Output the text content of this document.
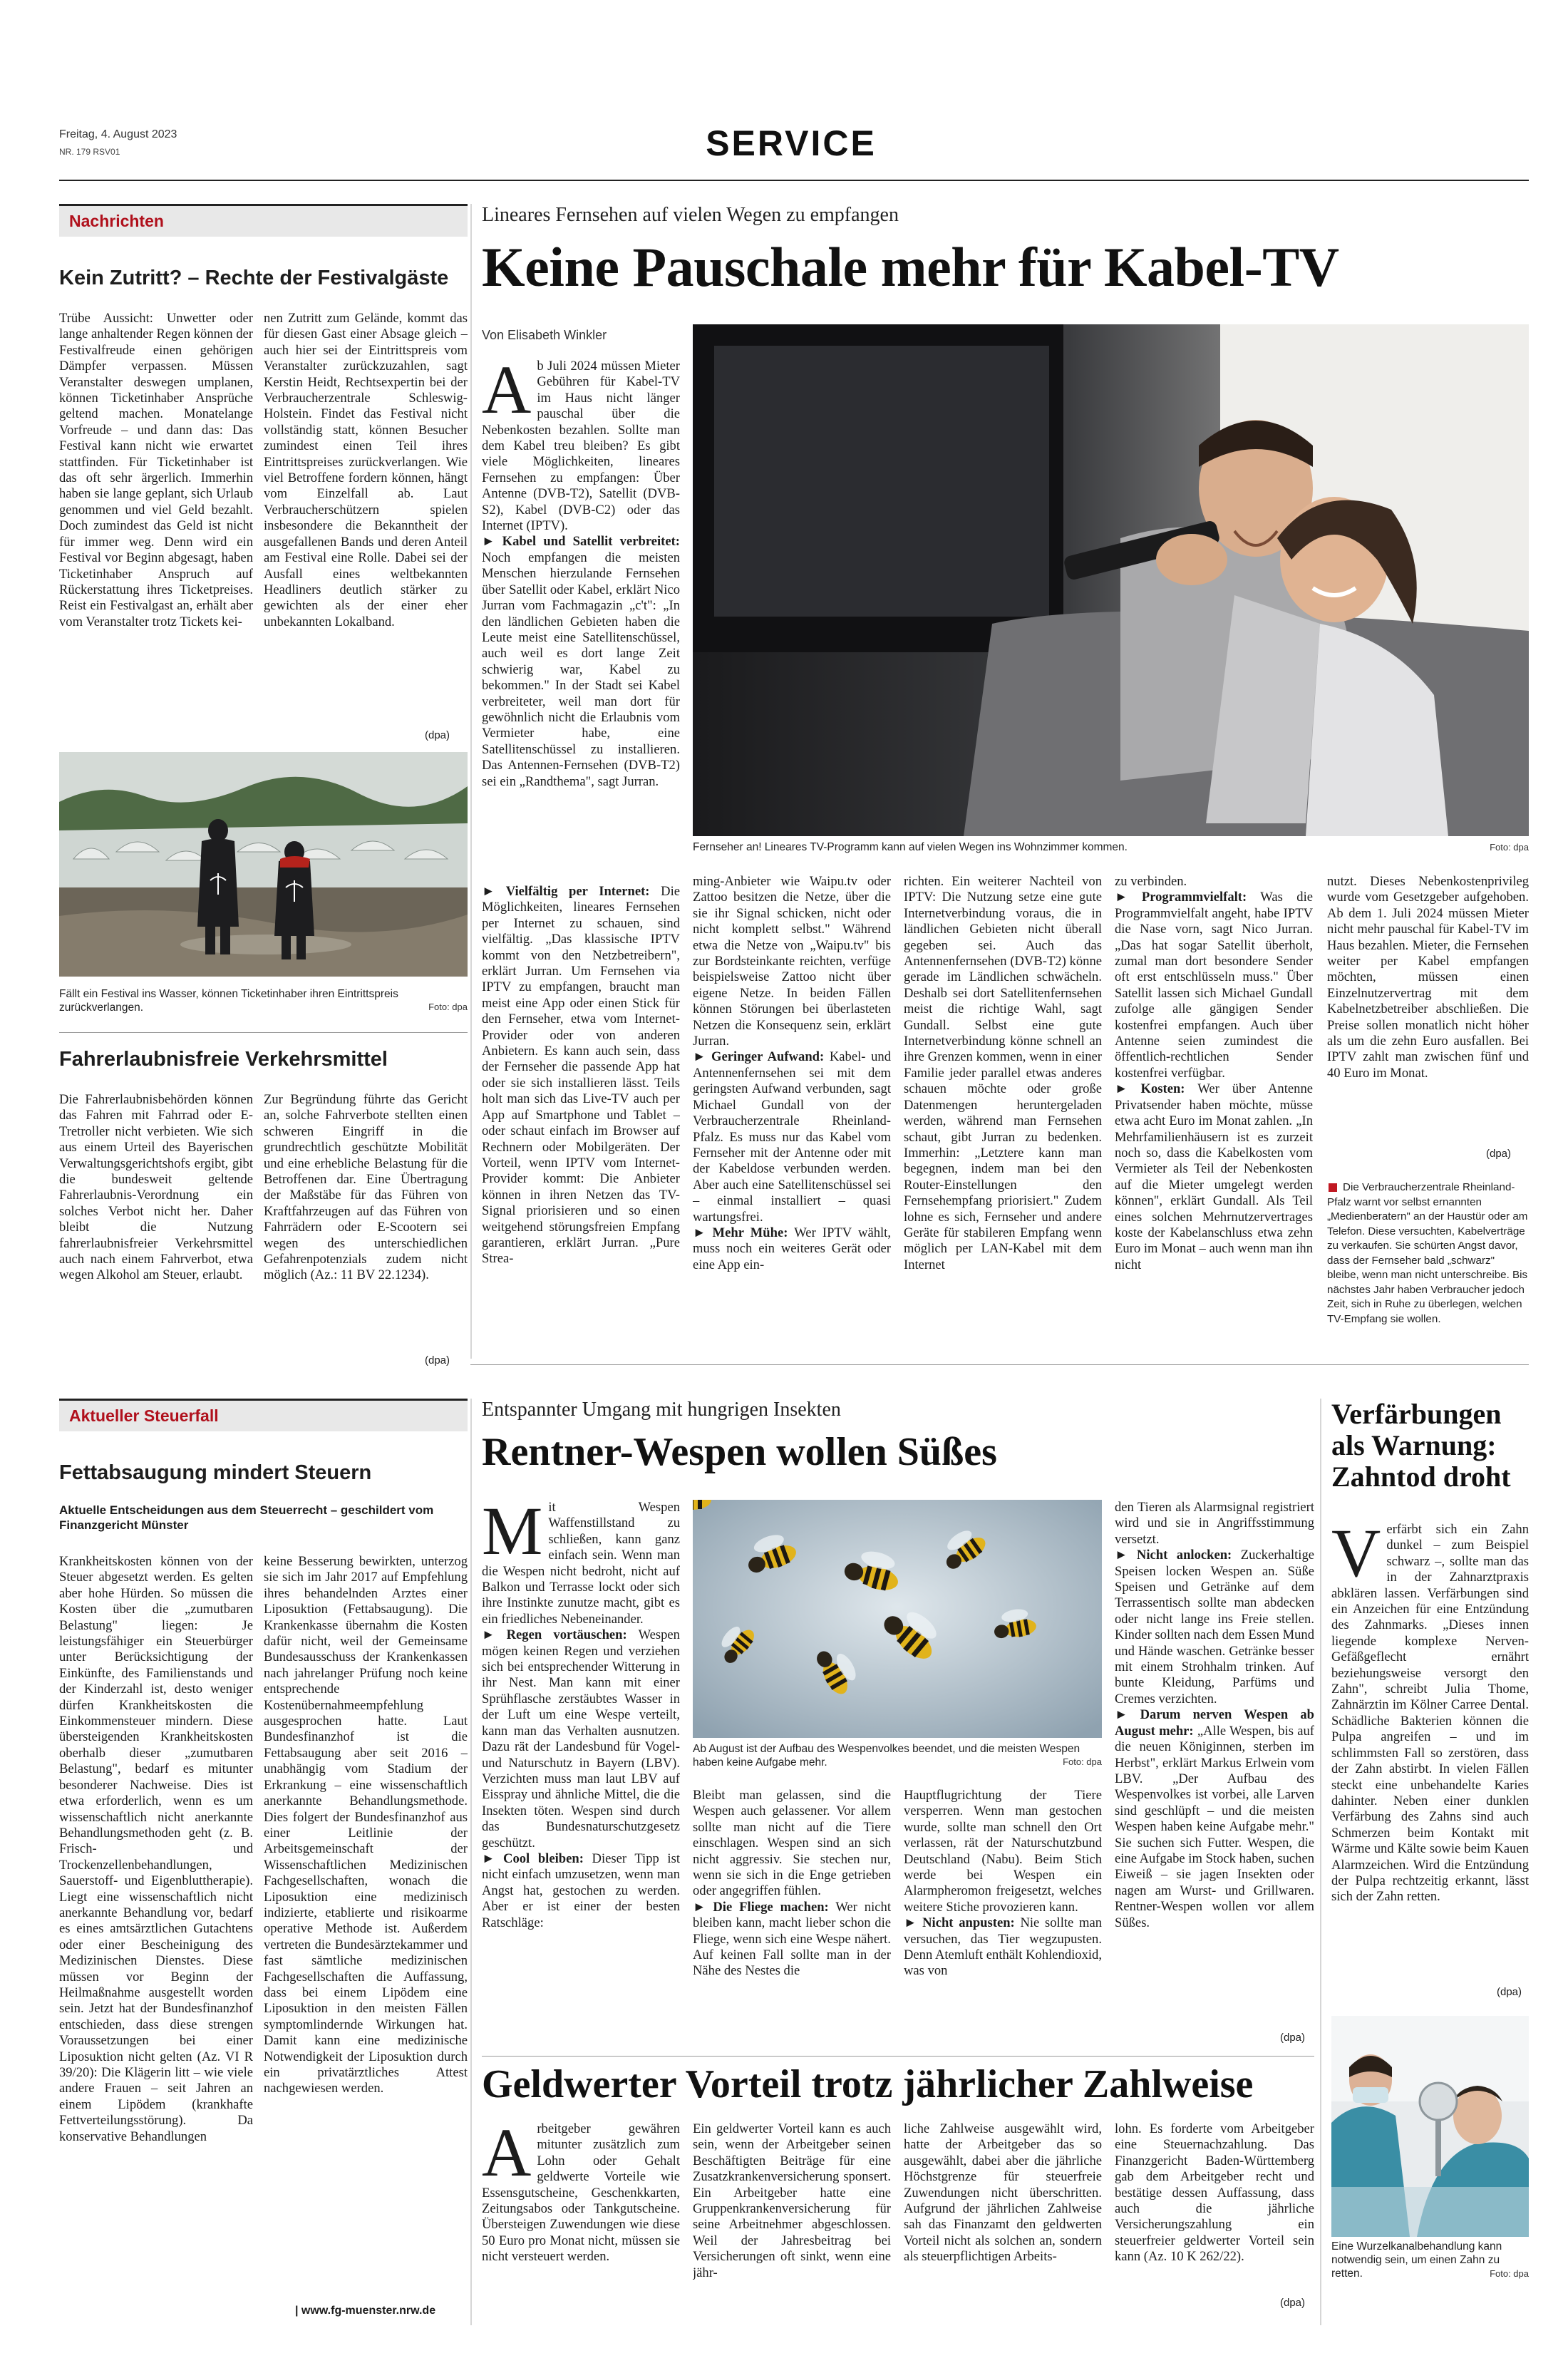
Freitag, 4. August 2023
NR. 179 RSV01	SERVICE
Nachrichten
Kein Zutritt? – Rechte der Festivalgäste
Trübe Aussicht: Unwetter oder lange anhaltender Regen können der Festivalfreude einen gehörigen Dämpfer verpassen. Müssen Veranstalter deswegen umplanen, können Ticketinhaber Ansprüche geltend machen. Monatelange Vorfreude – und dann das: Das Festival kann nicht wie erwartet stattfinden. Für Ticketinhaber ist das oft sehr ärgerlich. Immerhin haben sie lange geplant, sich Urlaub genommen und viel Geld bezahlt. Doch zumindest das Geld ist nicht für immer weg. Denn wird ein Festival vor Beginn abgesagt, haben Ticketinhaber Anspruch auf Rückerstattung ihres Ticketpreises. Reist ein Festivalgast an, erhält aber vom Veranstalter trotz Tickets kei-
nen Zutritt zum Gelände, kommt das für diesen Gast einer Absage gleich – auch hier sei der Eintrittspreis vom Veranstalter zurückzuzahlen, sagt Kerstin Heidt, Rechtsexpertin bei der Verbraucherzentrale Schleswig-Holstein. Findet das Festival nicht vollständig statt, können Besucher zumindest einen Teil ihres Eintrittspreises zurückverlangen. Wie viel Betroffene fordern können, hängt vom Einzelfall ab. Laut Verbraucherschützern spielen insbesondere die Bekanntheit der ausgefallenen Bands und deren Anteil am Festival eine Rolle. Dabei sei der Ausfall eines weltbekannten Headliners deutlich stärker zu gewichten als der einer eher unbekannten Lokalband.
(dpa)
Fällt ein Festival ins Wasser, können Ticketinhaber ihren Eintrittspreis zurückverlangen.	Foto: dpa
Fahrerlaubnisfreie Verkehrsmittel
Die Fahrerlaubnisbehörden können das Fahren mit Fahrrad oder E-Tretroller nicht verbieten. Wie sich aus einem Urteil des Bayerischen Verwaltungsgerichtshofs ergibt, gibt die bundesweit geltende Fahrerlaubnis-Verordnung ein solches Verbot nicht her. Daher bleibt die Nutzung fahrerlaubnisfreier Verkehrsmittel auch nach einem Fahrverbot, etwa wegen Alkohol am Steuer, erlaubt.
Zur Begründung führte das Gericht an, solche Fahrverbote stellten einen schweren Eingriff in die grundrechtlich geschützte Mobilität und eine erhebliche Belastung für die Betroffenen dar. Eine Übertragung der Maßstäbe für das Führen von Kraftfahrzeugen auf das Führen von Fahrrädern oder E-Scootern sei wegen des unterschiedlichen Gefahrenpotenzials zudem nicht möglich (Az.: 11 BV 22.1234).
(dpa)
Lineares Fernsehen auf vielen Wegen zu empfangen
Keine Pauschale mehr für Kabel-TV
Von Elisabeth Winkler
Ab Juli 2024 müssen Mieter Gebühren für Kabel-TV im Haus nicht länger pauschal über die Nebenkosten bezahlen. Sollte man dem Kabel treu bleiben? Es gibt viele Möglichkeiten, lineares Fernsehen zu empfangen: Über Antenne (DVB-T2), Satellit (DVB-S2), Kabel (DVB-C2) oder das Internet (IPTV).
► Kabel und Satellit verbreitet: Noch empfangen die meisten Menschen hierzulande Fernsehen über Satellit oder Kabel, erklärt Nico Jurran vom Fachmagazin „c't": „In den ländlichen Gebieten haben die Leute meist eine Satellitenschüssel, auch weil es dort lange Zeit schwierig war, Kabel zu bekommen." In der Stadt sei Kabel verbreiteter, weil man dort für gewöhnlich nicht die Erlaubnis vom Vermieter habe, eine Satellitenschüssel zu installieren. Das Antennen-Fernsehen (DVB-T2) sei ein „Randthema", sagt Jurran.
Fernseher an! Lineares TV-Programm kann auf vielen Wegen ins Wohnzimmer kommen.	Foto: dpa
► Vielfältig per Internet: Die Möglichkeiten, lineares Fernsehen per Internet zu schauen, sind vielfältig. „Das klassische IPTV kommt von den Netzbetreibern", erklärt Jurran. Um Fernsehen via IPTV zu empfangen, braucht man meist eine App oder einen Stick für den Fernseher, etwa vom Internet-Provider oder von anderen Anbietern. Es kann auch sein, dass der Fernseher die passende App hat oder sie sich installieren lässt. Teils holt man sich das Live-TV auch per App auf Smartphone und Tablet – oder schaut einfach im Browser auf Rechnern oder Mobilgeräten. Der Vorteil, wenn IPTV vom Internet-Provider kommt: Die Anbieter können in ihren Netzen das TV-Signal priorisieren und so einen weitgehend störungsfreien Empfang garantieren, erklärt Jurran. „Pure Strea-
ming-Anbieter wie Waipu.tv oder Zattoo besitzen die Netze, über die sie ihr Signal schicken, nicht oder nicht komplett selbst." Während etwa die Netze von „Waipu.tv" bis zur Bordsteinkante reichten, verfüge beispielsweise Zattoo nicht über eigene Netze. In beiden Fällen können Störungen bei überlasteten Netzen die Konsequenz sein, erklärt Jurran.
► Geringer Aufwand: Kabel- und Antennenfernsehen sei mit dem geringsten Aufwand verbunden, sagt Michael Gundall von der Verbraucherzentrale Rheinland-Pfalz. Es muss nur das Kabel vom Fernseher mit der Antenne oder mit der Kabeldose verbunden werden. Aber auch eine Satellitenschüssel sei – einmal installiert – quasi wartungsfrei.
► Mehr Mühe: Wer IPTV wählt, muss noch ein weiteres Gerät oder eine App ein-
richten. Ein weiterer Nachteil von IPTV: Die Nutzung setze eine gute Internetverbindung voraus, die in ländlichen Gebieten nicht überall gegeben sei. Auch das Antennenfernsehen (DVB-T2) könne gerade im Ländlichen schwächeln. Deshalb sei dort Satellitenfernsehen meist die richtige Wahl, sagt Gundall. Selbst eine gute Internetverbindung könne schnell an ihre Grenzen kommen, wenn in einer Familie jeder parallel etwas anderes schauen möchte oder große Datenmengen heruntergeladen werden, während man Fernsehen schaut, gibt Jurran zu bedenken. Immerhin: „Letztere kann man begegnen, indem man bei den Router-Einstellungen den Fernsehempfang priorisiert." Zudem lohne es sich, Fernseher und andere Geräte für stabileren Empfang wenn möglich per LAN-Kabel mit dem Internet
zu verbinden.
► Programmvielfalt: Was die Programmvielfalt angeht, habe IPTV die Nase vorn, sagt Nico Jurran. „Das hat sogar Satellit überholt, zumal man dort besondere Sender oft erst entschlüsseln muss." Über Satellit lassen sich Michael Gundall zufolge alle gängigen Sender kostenfrei empfangen. Auch über Antenne seien zumindest die öffentlich-rechtlichen Sender kostenfrei verfügbar.
► Kosten: Wer über Antenne Privatsender haben möchte, müsse etwa acht Euro im Monat zahlen. „In Mehrfamilienhäusern ist es zurzeit noch so, dass die Kabelkosten vom Vermieter als Teil der Nebenkosten auf die Mieter umgelegt werden können", erklärt Gundall. Als Teil eines solchen Mehrnutzervertrages koste der Kabelanschluss etwa zehn Euro im Monat – auch wenn man ihn nicht
nutzt. Dieses Nebenkostenprivileg wurde vom Gesetzgeber aufgehoben. Ab dem 1. Juli 2024 müssen Mieter nicht mehr pauschal für Kabel-TV im Haus bezahlen. Mieter, die Fernsehen weiter per Kabel empfangen möchten, müssen einen Einzelnutzervertrag mit dem Kabelnetzbetreiber abschließen. Die Preise sollen monatlich nicht höher als um die zehn Euro ausfallen. Bei IPTV zahlt man zwischen fünf und 40 Euro im Monat.
(dpa)
Die Verbraucherzentrale Rheinland-Pfalz warnt vor selbst ernannten „Medienberatern" an der Haustür oder am Telefon. Diese versuchten, Kabelverträge zu verkaufen. Sie schürten Angst davor, dass der Fernseher bald „schwarz" bleibe, wenn man nicht unterschreibe. Bis nächstes Jahr haben Verbraucher jedoch Zeit, sich in Ruhe zu überlegen, welchen TV-Empfang sie wollen.
Aktueller Steuerfall
Fettabsaugung mindert Steuern
Aktuelle Entscheidungen aus dem Steuerrecht – geschildert vom Finanzgericht Münster
Krankheitskosten können von der Steuer abgesetzt werden. Es gelten aber hohe Hürden. So müssen die Kosten über die „zumutbaren Belastung" liegen: Je leistungsfähiger ein Steuerbürger unter Berücksichtigung der Einkünfte, des Familienstands und der Kinderzahl ist, desto weniger dürfen Krankheitskosten die Einkommensteuer mindern. Diese übersteigenden Krankheitskosten oberhalb dieser „zumutbaren Belastung", bedarf es mitunter besonderer Nachweise. Dies ist etwa erforderlich, wenn es um wissenschaftlich nicht anerkannte Behandlungsmethoden geht (z. B. Frisch- und Trockenzellenbehandlungen, Sauerstoff- und Eigenbluttherapie). Liegt eine wissenschaftlich nicht anerkannte Behandlung vor, bedarf es eines amtsärztlichen Gutachtens oder einer Bescheinigung des Medizinischen Dienstes. Diese müssen vor Beginn der Heilmaßnahme ausgestellt worden sein. Jetzt hat der Bundesfinanzhof entschieden, dass diese strengen Voraussetzungen bei einer Liposuktion nicht gelten (Az. VI R 39/20): Die Klägerin litt – wie viele andere Frauen – seit Jahren an einem Lipödem (krankhafte Fettverteilungsstörung). Da konservative Behandlungen
keine Besserung bewirkten, unterzog sie sich im Jahr 2017 auf Empfehlung ihres behandelnden Arztes einer Liposuktion (Fettabsaugung). Die Krankenkasse übernahm die Kosten dafür nicht, weil der Gemeinsame Bundesausschuss der Krankenkassen nach jahrelanger Prüfung noch keine entsprechende Kostenübernahmeempfehlung ausgesprochen hatte. Laut Bundesfinanzhof ist die Fettabsaugung aber seit 2016 – unabhängig vom Stadium der Erkrankung – eine wissenschaftlich anerkannte Behandlungsmethode. Dies folgert der Bundesfinanzhof aus einer Leitlinie der Arbeitsgemeinschaft der Wissenschaftlichen Medizinischen Fachgesellschaften, wonach die Liposuktion eine medizinisch indizierte, etablierte und risikoarme operative Methode ist. Außerdem vertreten die Bundesärztekammer und fast sämtliche medizinischen Fachgesellschaften die Auffassung, dass bei einem Lipödem eine Liposuktion in den meisten Fällen symptomlindernde Wirkungen hat. Damit kann eine medizinische Notwendigkeit der Liposuktion durch ein privatärztliches Attest nachgewiesen werden.
| www.fg-muenster.nrw.de
Entspannter Umgang mit hungrigen Insekten
Rentner-Wespen wollen Süßes
Mit Wespen Waffenstillstand zu schließen, kann ganz einfach sein. Wenn man die Wespen nicht bedroht, nicht auf Balkon und Terrasse lockt oder sich ihre Instinkte zunutze macht, gibt es ein friedliches Nebeneinander.
► Regen vortäuschen: Wespen mögen keinen Regen und verziehen sich bei entsprechender Witterung in ihr Nest. Man kann mit einer Sprühflasche zerstäubtes Wasser in der Luft um eine Wespe verteilt, kann man das Verhalten ausnutzen. Dazu rät der Landesbund für Vogel- und Naturschutz in Bayern (LBV). Verzichten muss man laut LBV auf Eisspray und ähnliche Mittel, die die Insekten töten. Wespen sind durch das Bundesnaturschutzgesetz geschützt.
► Cool bleiben: Dieser Tipp ist nicht einfach umzusetzen, wenn man Angst hat, gestochen zu werden. Aber er ist einer der besten Ratschläge:
Ab August ist der Aufbau des Wespenvolkes beendet, und die meisten Wespen haben keine Aufgabe mehr.	Foto: dpa
Bleibt man gelassen, sind die Wespen auch gelassener. Vor allem sollte man nicht auf die Tiere einschlagen. Wespen sind an sich nicht aggressiv. Sie stechen nur, wenn sie sich in die Enge getrieben oder angegriffen fühlen.
► Die Fliege machen: Wer nicht bleiben kann, macht lieber schon die Fliege, wenn sich eine Wespe nähert. Auf keinen Fall sollte man in der Nähe des Nestes die
Hauptflugrichtung der Tiere versperren. Wenn man gestochen wurde, sollte man schnell den Ort verlassen, rät der Naturschutzbund Deutschland (Nabu). Beim Stich werde bei Wespen ein Alarmpheromon freigesetzt, welches weitere Stiche provozieren kann.
► Nicht anpusten: Nie sollte man versuchen, das Tier wegzupusten. Denn Atemluft enthält Kohlendioxid, was von
den Tieren als Alarmsignal registriert wird und sie in Angriffsstimmung versetzt.
► Nicht anlocken: Zuckerhaltige Speisen locken Wespen an. Süße Speisen und Getränke auf dem Terrassentisch sollte man abdecken oder nicht lange ins Freie stellen. Kinder sollten nach dem Essen Mund und Hände waschen. Getränke besser mit einem Strohhalm trinken. Auf bunte Kleidung, Parfüms und Cremes verzichten.
► Darum nerven Wespen ab August mehr: „Alle Wespen, bis auf die neuen Königinnen, sterben im Herbst", erklärt Markus Erlwein vom LBV. „Der Aufbau des Wespenvolkes ist vorbei, alle Larven sind geschlüpft – und die meisten Wespen haben keine Aufgabe mehr." Sie suchen sich Futter. Wespen, die eine Aufgabe im Stock haben, suchen Eiweiß – sie jagen Insekten oder nagen am Wurst- und Grillwaren. Rentner-Wespen wollen vor allem Süßes.
(dpa)
Geldwerter Vorteil trotz jährlicher Zahlweise
Arbeitgeber gewähren mitunter zusätzlich zum Lohn oder Gehalt geldwerte Vorteile wie Essensgutscheine, Geschenkkarten, Zeitungsabos oder Tankgutscheine. Übersteigen Zuwendungen wie diese 50 Euro pro Monat nicht, müssen sie nicht versteuert werden.
Ein geldwerter Vorteil kann es auch sein, wenn der Arbeitgeber seinen Beschäftigten Beiträge für eine Zusatzkrankenversicherung sponsert. Ein Arbeitgeber hatte eine Gruppenkrankenversicherung für seine Arbeitnehmer abgeschlossen. Weil der Jahresbeitrag bei Versicherungen oft sinkt, wenn eine jähr-
liche Zahlweise ausgewählt wird, hatte der Arbeitgeber das so ausgewählt, dabei aber die jährliche Höchstgrenze für steuerfreie Zuwendungen nicht überschritten. Aufgrund der jährlichen Zahlweise sah das Finanzamt den geldwerten Vorteil nicht als solchen an, sondern als steuerpflichtigen Arbeits-
lohn. Es forderte vom Arbeitgeber eine Steuernachzahlung. Das Finanzgericht Baden-Württemberg gab dem Arbeitgeber recht und bestätige dessen Auffassung, dass auch die jährliche Versicherungszahlung ein steuerfreier geldwerter Vorteil sein kann (Az. 10 K 262/22).
(dpa)
Verfärbungen als Warnung: Zahntod droht
Verfärbt sich ein Zahn dunkel – zum Beispiel schwarz –, sollte man das in der Zahnarztpraxis abklären lassen. Verfärbungen sind ein Anzeichen für eine Entzündung des Zahnmarks. „Dieses innen liegende komplexe Nerven-Gefäßgeflecht ernährt beziehungsweise versorgt den Zahn", schreibt Julia Thome, Zahnärztin im Kölner Carree Dental. Schädliche Bakterien können die Pulpa angreifen – und im schlimmsten Fall so zerstören, dass der Zahn abstirbt. In vielen Fällen steckt eine unbehandelte Karies dahinter. Neben einer dunklen Verfärbung des Zahns sind auch Schmerzen beim Kontakt mit Wärme und Kälte sowie beim Kauen Alarmzeichen. Wird die Entzündung der Pulpa rechtzeitig erkannt, lässt sich der Zahn retten.
(dpa)
Eine Wurzelkanalbehandlung kann notwendig sein, um einen Zahn zu retten.	Foto: dpa
